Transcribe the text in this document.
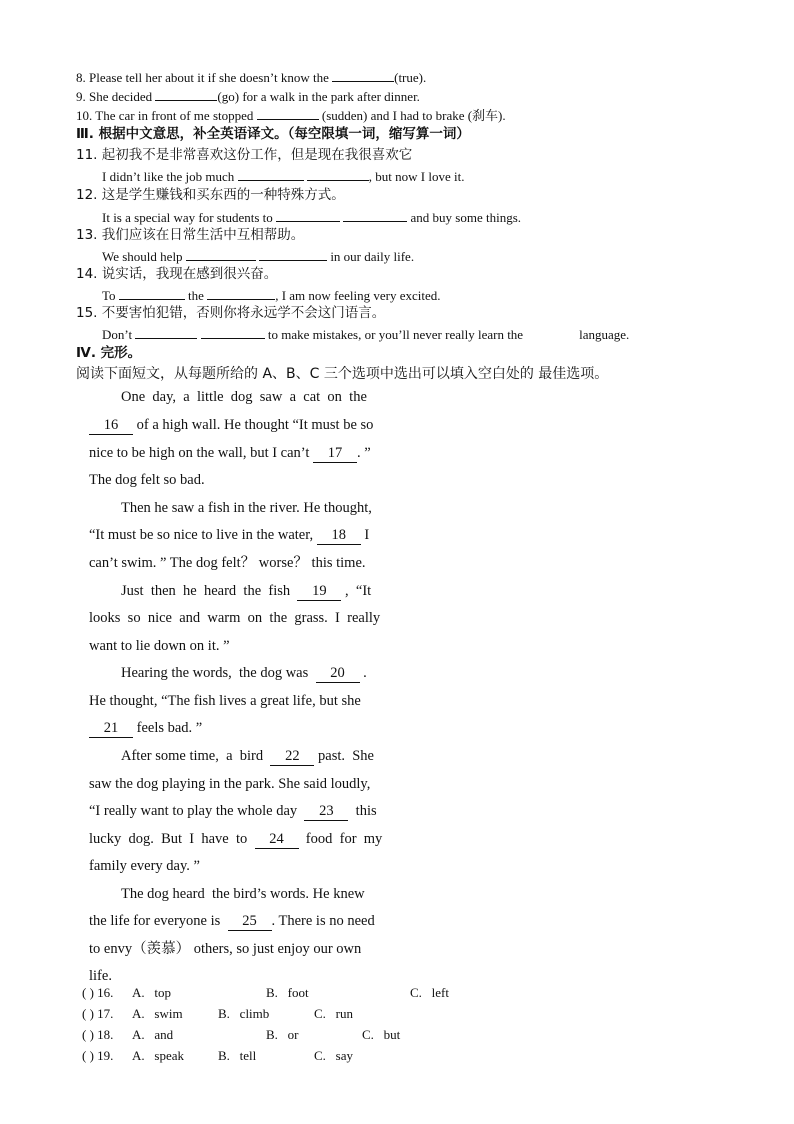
8. Please tell her about it if she doesn’t know the	(true).
9. She decided	(go) for a walk in the park after dinner.
10. The car in front of me stopped	(sudden) and I had to brake (刹车).
Ⅲ. 根据中文意思，补全英语译文。（每空限填一词，缩写算一词）
11. 起初我不是非常喜欢这份工作，但是现在我很喜欢它
I didn’t like the job much	, but now I love it.
12. 这是学生赚钱和买东西的一种特殊方式。
It is a special way for students to	and buy some things.
13. 我们应该在日常生活中互相帮助。
We should help	in our daily life.
14. 说实话，我现在感到很兴奋。
To	the	, I am now feeling very excited.
15. 不要害怕犯错，否则你将永远学不会这门语言。
Don’t	to make mistakes, or you’ll never really learn the	language.
Ⅳ. 完形。
阅读下面短文，从每题所给的 A、B、C 三个选项中选出可以填入空白处的 最佳选项。
One  day,  a  little  dog  saw  a  cat  on  the
16 of a high wall. He thought “It must be so
nice to be high on the wall, but I can’t 17 . ”
The dog felt so bad.
Then he saw a fish in the river. He thought,
“It must be so nice to live in the water, 18 I
can’t swim. ” The dog felt？ worse？ this time.
Just  then  he  heard  the  fish  19 ,  “It
looks  so  nice  and  warm  on  the  grass.  I  really
want to lie down on it. ”
Hearing the words,  the dog was  20 .
He thought, “The fish lives a great life, but she
21 feels bad. ”
After some time,  a  bird  22 past.  She
saw the dog playing in the park. She said loudly,
“I really want to play the whole day  23  this
lucky  dog.  But  I  have  to  24  food  for  my
family every day. ”
The dog heard  the bird’s words. He knew
the life for everyone is  25 . There is no need
to envy（羡慕） others, so just enjoy our own
life.
( ) 16. A.   top	B.   foot	C.   left
( ) 17. A.   swim	B.   climb	C.   run
( ) 18. A.   and	B.   or	C.   but
( ) 19. A.   speak	B.   tell	C.   say
